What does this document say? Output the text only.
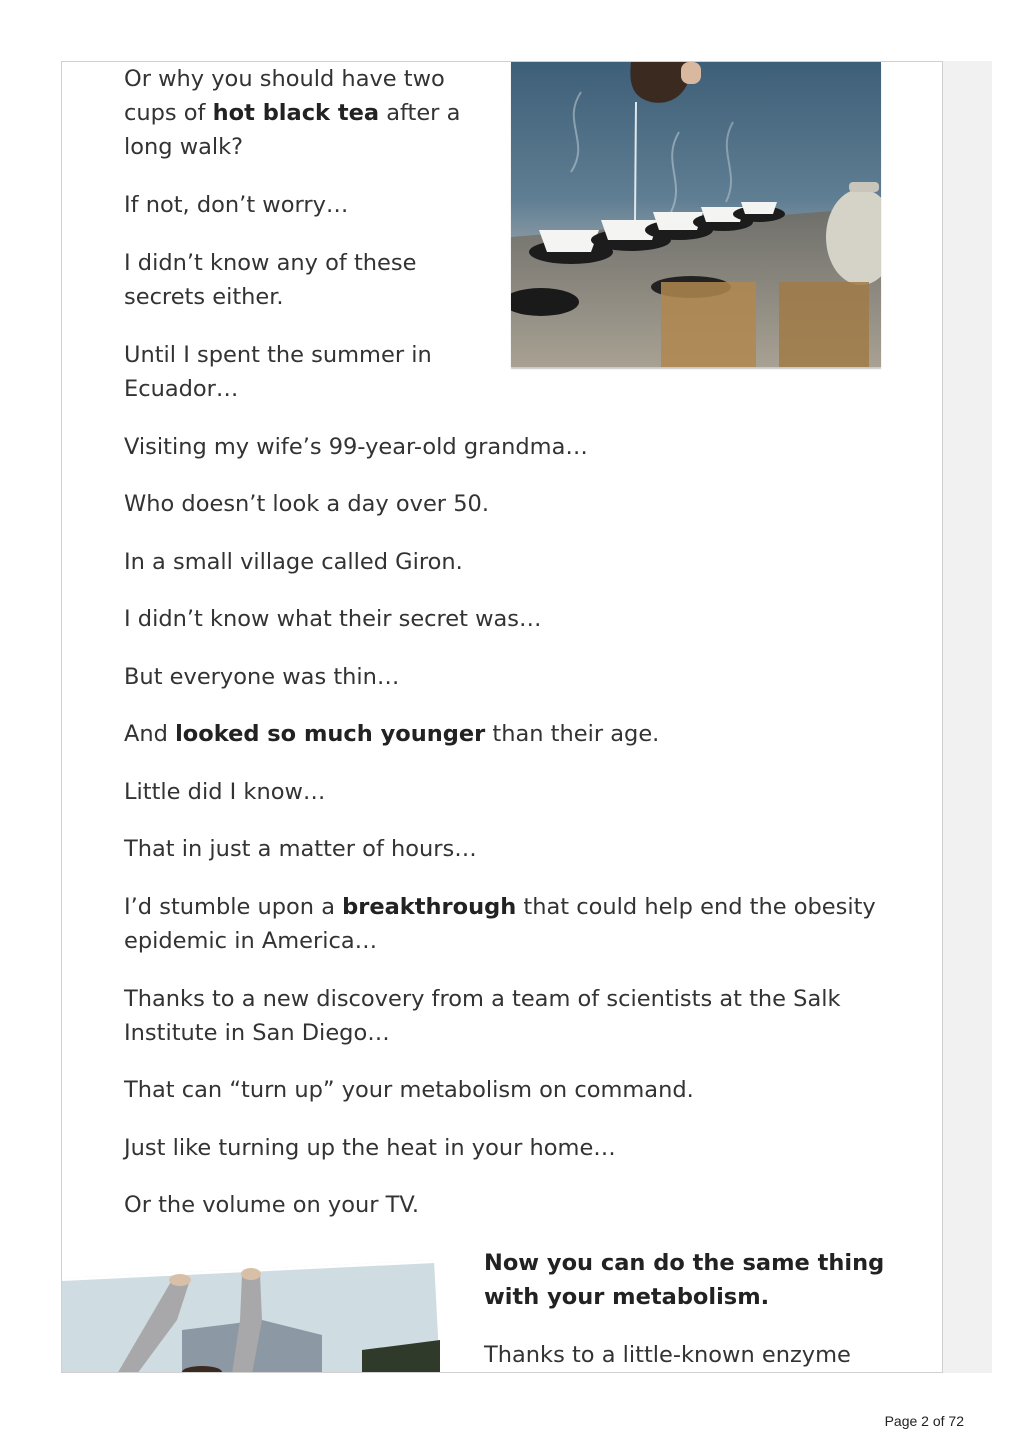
Or why you should have two
cups of hot black tea after a
long walk?
If not, don’t worry…
I didn’t know any of these
secrets either.
Until I spent the summer in
Ecuador…
Visiting my wife’s 99-year-old grandma…
Who doesn’t look a day over 50.
In a small village called Giron.
I didn’t know what their secret was…
But everyone was thin…
And looked so much younger than their age.
Little did I know…
That in just a matter of hours…
I’d stumble upon a breakthrough that could help end the obesity
epidemic in America…
Thanks to a new discovery from a team of scientists at the Salk
Institute in San Diego…
That can “turn up” your metabolism on command.
Just like turning up the heat in your home…
Or the volume on your TV.
Now you can do the same thing
with your metabolism.
Thanks to a little-known enzyme
Page 2 of 72
